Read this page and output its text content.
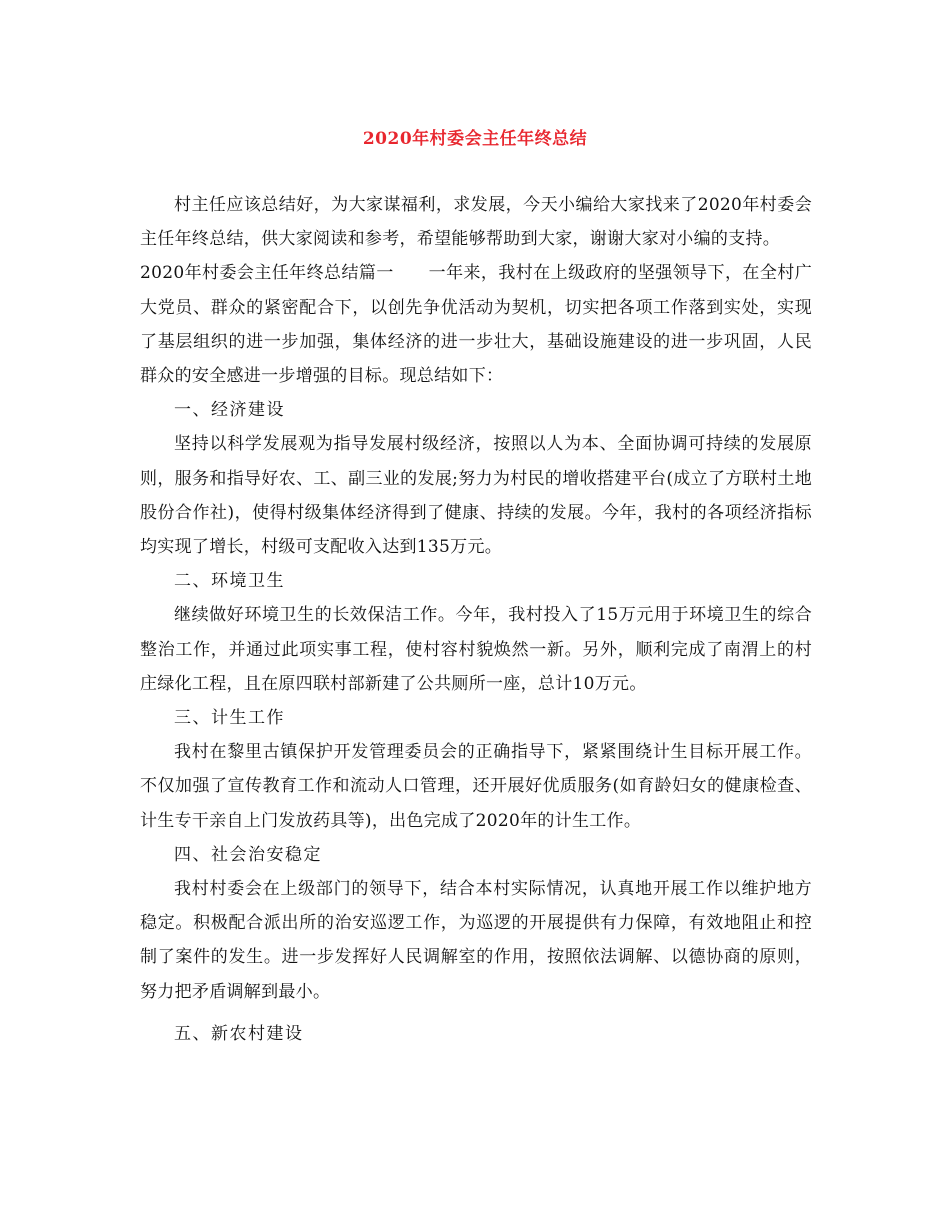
2020年村委会主任年终总结

村主任应该总结好，为大家谋福利，求发展，今天小编给大家找来了2020年村委会主任年终总结，供大家阅读和参考，希望能够帮助到大家，谢谢大家对小编的支持。

2020年村委会主任年终总结篇一　　一年来，我村在上级政府的坚强领导下，在全村广大党员、群众的紧密配合下，以创先争优活动为契机，切实把各项工作落到实处，实现了基层组织的进一步加强，集体经济的进一步壮大，基础设施建设的进一步巩固，人民群众的安全感进一步增强的目标。现总结如下：

一、经济建设

坚持以科学发展观为指导发展村级经济，按照以人为本、全面协调可持续的发展原则，服务和指导好农、工、副三业的发展;努力为村民的增收搭建平台(成立了方联村土地股份合作社)，使得村级集体经济得到了健康、持续的发展。今年，我村的各项经济指标均实现了增长，村级可支配收入达到135万元。

二、环境卫生

继续做好环境卫生的长效保洁工作。今年，我村投入了15万元用于环境卫生的综合整治工作，并通过此项实事工程，使村容村貌焕然一新。另外，顺利完成了南渭上的村庄绿化工程，且在原四联村部新建了公共厕所一座，总计10万元。

三、计生工作

我村在黎里古镇保护开发管理委员会的正确指导下，紧紧围绕计生目标开展工作。不仅加强了宣传教育工作和流动人口管理，还开展好优质服务(如育龄妇女的健康检查、计生专干亲自上门发放药具等)，出色完成了2020年的计生工作。

四、社会治安稳定

我村村委会在上级部门的领导下，结合本村实际情况，认真地开展工作以维护地方稳定。积极配合派出所的治安巡逻工作，为巡逻的开展提供有力保障，有效地阻止和控制了案件的发生。进一步发挥好人民调解室的作用，按照依法调解、以德协商的原则，努力把矛盾调解到最小。

五、新农村建设
